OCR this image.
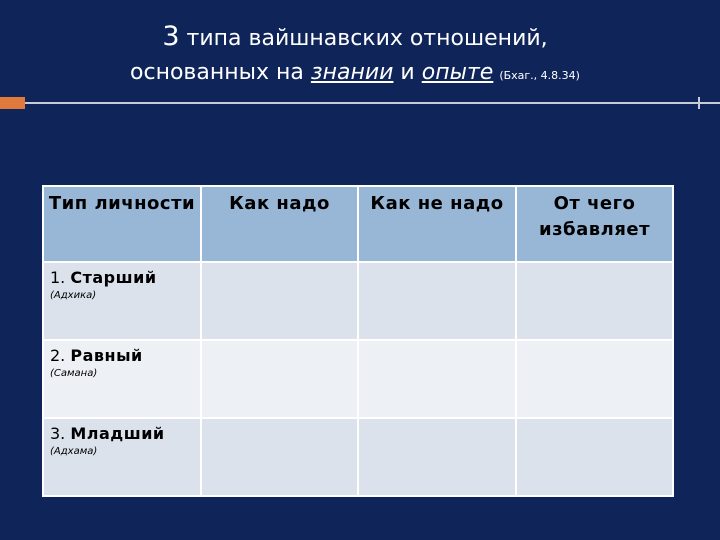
3 типа вайшнавских отношений,
основанных на знании и опыте (Бхаг., 4.8.34)
Тип личности	Как надо	Как не надо	От чего избавляет

1. Старший
(Адхика)			

2. Равный
(Самана)			

3. Младший
(Адхама)			
